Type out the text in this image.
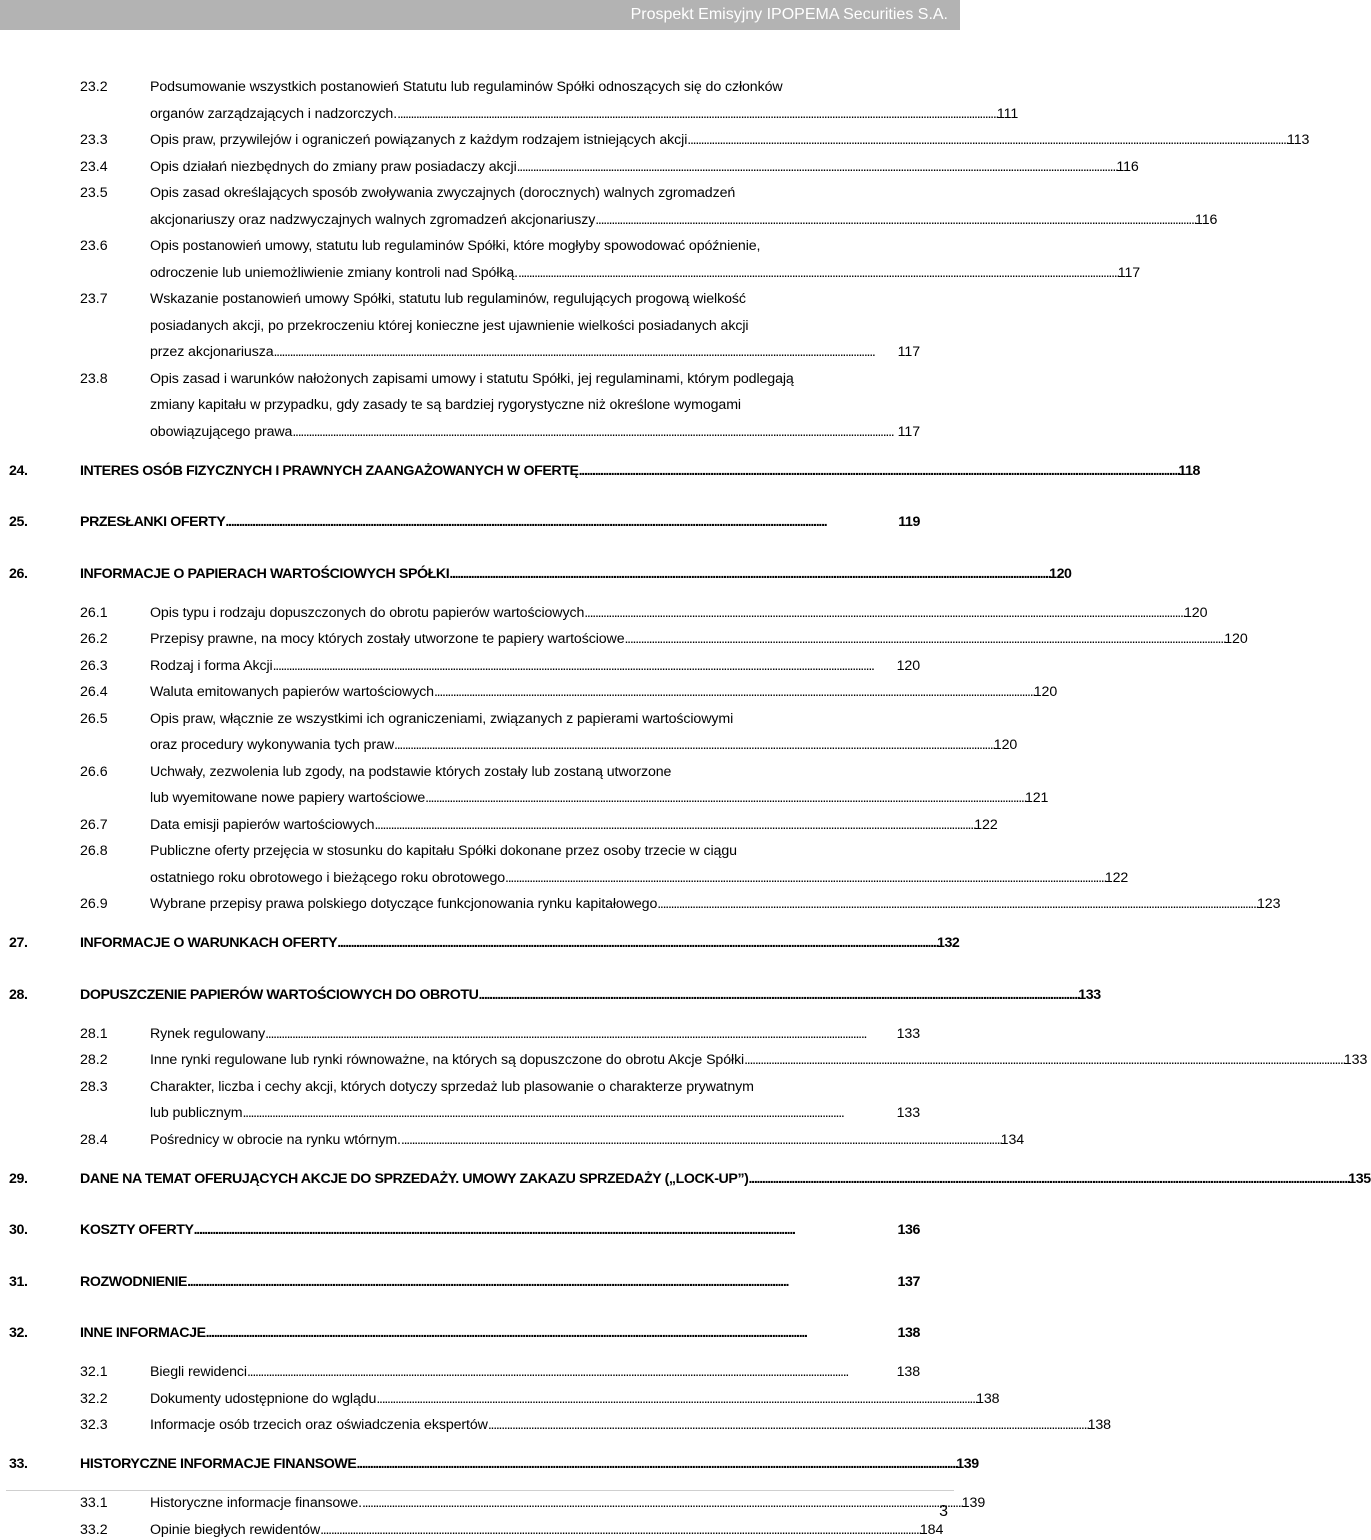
Prospekt Emisyjny IPOPEMA Securities S.A.
23.2	Podsumowanie wszystkich postanowień Statutu lub regulaminów Spółki odnoszących się do członków
organów zarządzających i nadzorczych. . . .	111
23.3	Opis praw, przywilejów i ograniczeń powiązanych z każdym rodzajem istniejących akcji . . .	113
23.4	Opis działań niezbędnych do zmiany praw posiadaczy akcji . . .	116
23.5	Opis zasad określających sposób zwoływania zwyczajnych (dorocznych) walnych zgromadzeń
akcjonariuszy oraz nadzwyczajnych walnych zgromadzeń akcjonariuszy . . .	116
23.6	Opis postanowień umowy, statutu lub regulaminów Spółki, które mogłyby spowodować opóźnienie,
odroczenie lub uniemożliwienie zmiany kontroli nad Spółką. . . .	117
23.7	Wskazanie postanowień umowy Spółki, statutu lub regulaminów, regulujących progową wielkość
posiadanych akcji, po przekroczeniu której konieczne jest ujawnienie wielkości posiadanych akcji
przez akcjonariusza . . .	117
23.8	Opis zasad i warunków nałożonych zapisami umowy i statutu Spółki, jej regulaminami, którym podlegają
zmiany kapitału w przypadku, gdy zasady te są bardziej rygorystyczne niż określone wymogami
obowiązującego prawa . . .	117
24.	INTERES OSÓB FIZYCZNYCH I PRAWNYCH ZAANGAŻOWANYCH W OFERTĘ . . .	118
25.	PRZESŁANKI OFERTY . . .	119
26.	INFORMACJE O PAPIERACH WARTOŚCIOWYCH SPÓŁKI . . .	120
26.1	Opis typu i rodzaju dopuszczonych do obrotu papierów wartościowych . . .	120
26.2	Przepisy prawne, na mocy których zostały utworzone te papiery wartościowe . . .	120
26.3	Rodzaj i forma Akcji . . .	120
26.4	Waluta emitowanych papierów wartościowych . . .	120
26.5	Opis praw, włącznie ze wszystkimi ich ograniczeniami, związanych z papierami wartościowymi
oraz procedury wykonywania tych praw . . .	120
26.6	Uchwały, zezwolenia lub zgody, na podstawie których zostały lub zostaną utworzone
lub wyemitowane nowe papiery wartościowe . . .	121
26.7	Data emisji papierów wartościowych . . .	122
26.8	Publiczne oferty przejęcia w stosunku do kapitału Spółki dokonane przez osoby trzecie w ciągu
ostatniego roku obrotowego i bieżącego roku obrotowego . . .	122
26.9	Wybrane przepisy prawa polskiego dotyczące funkcjonowania rynku kapitałowego . . .	123
27.	INFORMACJE O WARUNKACH OFERTY . . .	132
28.	DOPUSZCZENIE PAPIERÓW WARTOŚCIOWYCH DO OBROTU . . .	133
28.1	Rynek regulowany . . .	133
28.2	Inne rynki regulowane lub rynki równoważne, na których są dopuszczone do obrotu Akcje Spółki . . .	133
28.3	Charakter, liczba i cechy akcji, których dotyczy sprzedaż lub plasowanie o charakterze prywatnym
lub publicznym . . .	133
28.4	Pośrednicy w obrocie na rynku wtórnym. . . .	134
29.	DANE NA TEMAT OFERUJĄCYCH AKCJE DO SPRZEDAŻY. UMOWY ZAKAZU SPRZEDAŻY („LOCK-UP”) . . .	135
30.	KOSZTY OFERTY . . .	136
31.	ROZWODNIENIE . . .	137
32.	INNE INFORMACJE . . .	138
32.1	Biegli rewidenci . . .	138
32.2	Dokumenty udostępnione do wglądu . . .	138
32.3	Informacje osób trzecich oraz oświadczenia ekspertów . . .	138
33.	HISTORYCZNE INFORMACJE FINANSOWE . . .	139
33.1	Historyczne informacje finansowe. . . .	139
33.2	Opinie biegłych rewidentów . . .	184
3
